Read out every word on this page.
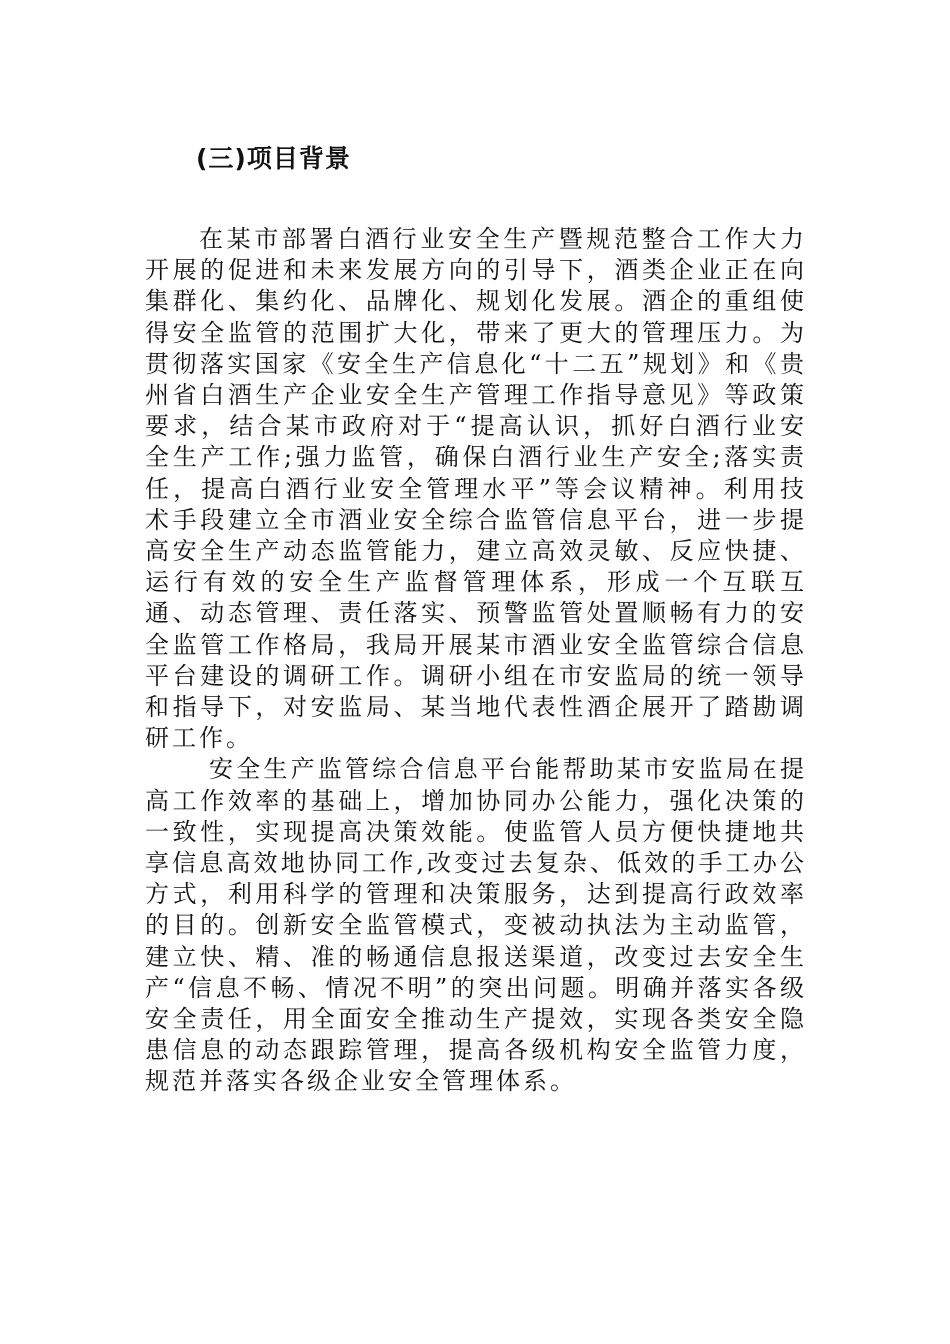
(三)项目背景

在某市部署白酒行业安全生产暨规范整合工作大力开展的促进和未来发展方向的引导下，酒类企业正在向集群化、集约化、品牌化、规划化发展。酒企的重组使得安全监管的范围扩大化，带来了更大的管理压力。为贯彻落实国家《安全生产信息化“十二五”规划》和《贵州省白酒生产企业安全生产管理工作指导意见》等政策要求，结合某市政府对于“提高认识，抓好白酒行业安全生产工作;强力监管，确保白酒行业生产安全;落实责任，提高白酒行业安全管理水平”等会议精神。利用技术手段建立全市酒业安全综合监管信息平台，进一步提高安全生产动态监管能力，建立高效灵敏、反应快捷、运行有效的安全生产监督管理体系，形成一个互联互通、动态管理、责任落实、预警监管处置顺畅有力的安全监管工作格局，我局开展某市酒业安全监管综合信息平台建设的调研工作。调研小组在市安监局的统一领导和指导下，对安监局、某当地代表性酒企展开了踏勘调研工作。

安全生产监管综合信息平台能帮助某市安监局在提高工作效率的基础上，增加协同办公能力，强化决策的一致性，实现提高决策效能。使监管人员方便快捷地共享信息高效地协同工作,改变过去复杂、低效的手工办公方式，利用科学的管理和决策服务，达到提高行政效率的目的。创新安全监管模式，变被动执法为主动监管，建立快、精、准的畅通信息报送渠道，改变过去安全生产“信息不畅、情况不明”的突出问题。明确并落实各级安全责任，用全面安全推动生产提效，实现各类安全隐患信息的动态跟踪管理，提高各级机构安全监管力度，规范并落实各级企业安全管理体系。
